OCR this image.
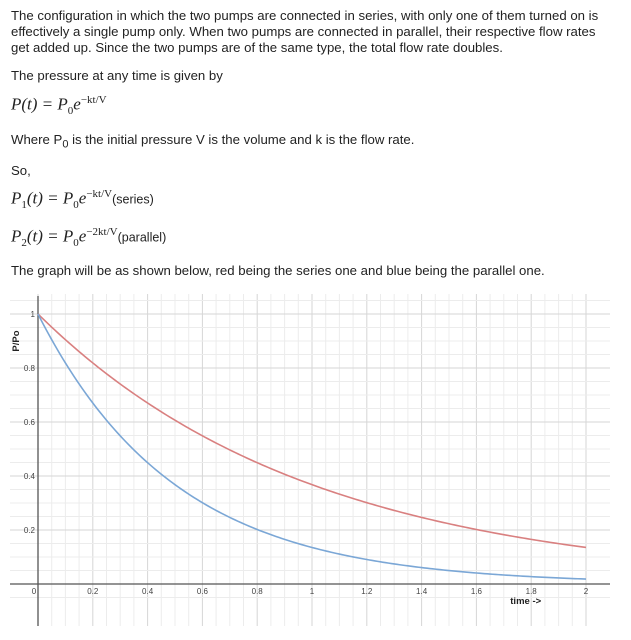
The configuration in which the two pumps are connected in series, with only one of them turned on is effectively a single pump only. When two pumps are connected in parallel, their respective flow rates get added up. Since the two pumps are of the same type, the total flow rate doubles.

The pressure at any time is given by

$P(t) = P_0e^{-kt/V}$

Where $P_0$ is the initial pressure V is the volume and k is the flow rate.

So,

$P_1(t)$ = $P_0e^{-kt/V}(series)$
$P_2(t)$ = $P_0e^{-2kt/V}(parallel)$

The graph will be as shown below, red being the series one and blue being the parallel one.

0	0.2	0.4	0.6	0.8	1	1.2	1.4	1.6	1.8	2
0.2
0.4
0.6
0.8
1
time ->
P/Po
